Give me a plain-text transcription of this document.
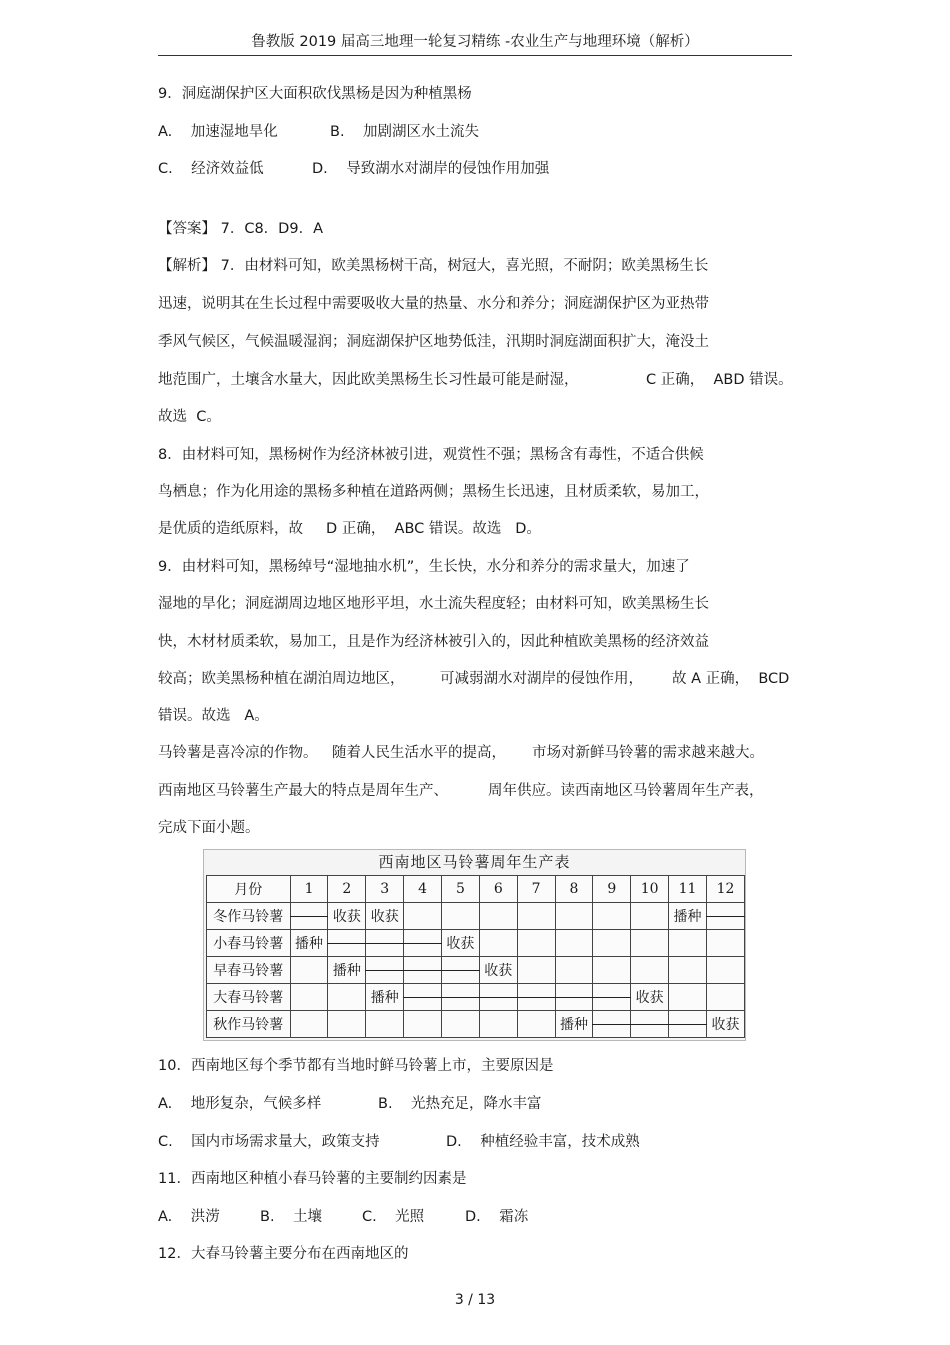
鲁教版 2019 届高三地理一轮复习精练 -农业生产与地理环境（解析）
9．洞庭湖保护区大面积砍伐黑杨是因为种植黑杨
A.    加速湿地旱化	B.    加剧湖区水土流失
C.    经济效益低	D.    导致湖水对湖岸的侵蚀作用加强
【答案】 7．C8．D9．A
【解析】 7．由材料可知，欧美黑杨树干高，树冠大，喜光照，不耐阴；欧美黑杨生长
迅速，说明其在生长过程中需要吸收大量的热量、水分和养分；洞庭湖保护区为亚热带
季风气候区，气候温暖湿润；洞庭湖保护区地势低洼，汛期时洞庭湖面积扩大，淹没土
地范围广，土壤含水量大，因此欧美黑杨生长习性最可能是耐湿，	C 正确，  ABD 错误。
故选  C。
8．由材料可知，黑杨树作为经济林被引进，观赏性不强；黑杨含有毒性，不适合供候
鸟栖息；作为化用途的黑杨多种植在道路两侧；黑杨生长迅速，且材质柔软，易加工，
是优质的造纸原料，故     D 正确，  ABC 错误。故选   D。
9．由材料可知，黑杨绰号“湿地抽水机”，生长快，水分和养分的需求量大，加速了
湿地的旱化；洞庭湖周边地区地形平坦，水土流失程度轻；由材料可知，欧美黑杨生长
快，木材材质柔软，易加工，且是作为经济林被引入的，因此种植欧美黑杨的经济效益
较高；欧美黑杨种植在湖泊周边地区， 可减弱湖水对湖岸的侵蚀作用， 故 A 正确，  BCD
错误。故选   A。
马铃薯是喜冷凉的作物。 随着人民生活水平的提高， 市场对新鲜马铃薯的需求越来越大。
西南地区马铃薯生产最大的特点是周年生产、	周年供应。读西南地区马铃薯周年生产表，
完成下面小题。
西南地区马铃薯周年生产表
月份	1	2	3	4	5	6	7	8	9	10	11	12
冬作马铃薯		收获	收获								播种	

小春马铃薯	播种				收获							
早春马铃薯		播种				收获						
大春马铃薯			播种							收获		
秋作马铃薯								播种				收获
10．西南地区每个季节都有当地时鲜马铃薯上市，主要原因是
A.    地形复杂，气候多样	B.    光热充足，降水丰富
C.    国内市场需求量大，政策支持	D.    种植经验丰富，技术成熟
11．西南地区种植小春马铃薯的主要制约因素是
A.    洪涝	B.    土壤	C.    光照	D.    霜冻
12．大春马铃薯主要分布在西南地区的
3 / 13
